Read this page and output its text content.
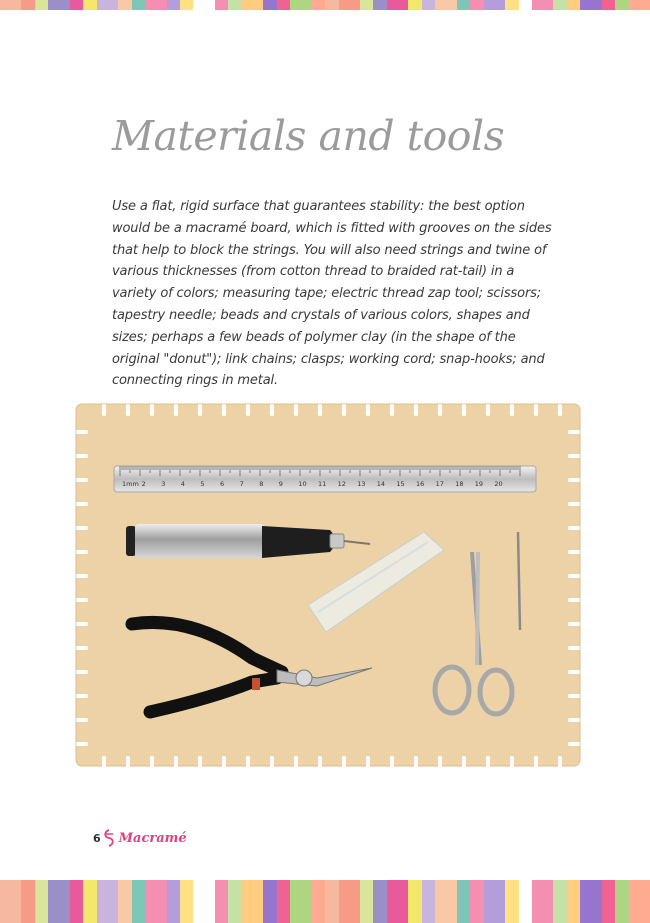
Materials and tools

Use a flat, rigid surface that guarantees stability: the best option would be a macramé board, which is fitted with grooves on the sides that help to block the strings. You will also need strings and twine of various thicknesses (from cotton thread to braided rat-tail) in a variety of colors; measuring tape; electric thread zap tool; scissors; tapestry needle; beads and crystals of various colors, shapes and sizes; perhaps a few beads of polymer clay (in the shape of the original "donut"); link chains; clasps; working cord; snap-hooks; and connecting rings in metal.

1mm 2 3 4 5 6 7 8 9 10 11 12 13 14 15 16 17 18 19 20
6 Macramé
